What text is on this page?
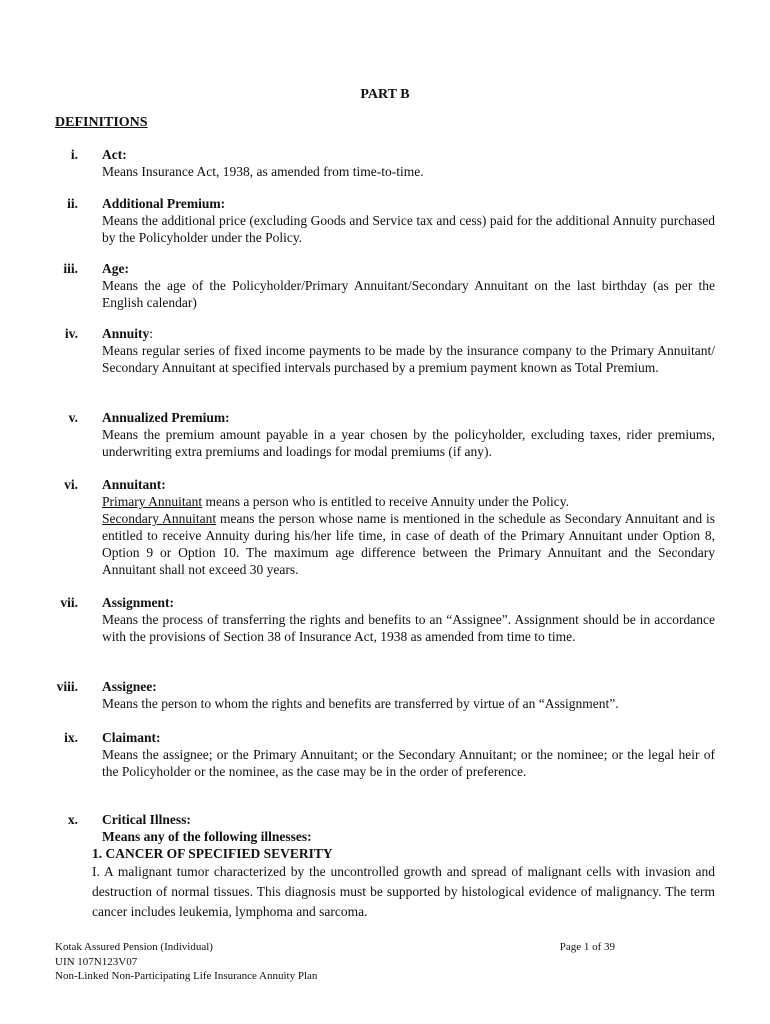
PART B
DEFINITIONS
i. Act:
Means Insurance Act, 1938, as amended from time-to-time.
ii. Additional Premium:
Means the additional price (excluding Goods and Service tax and cess) paid for the additional Annuity purchased by the Policyholder under the Policy.
iii. Age:
Means the age of the Policyholder/Primary Annuitant/Secondary Annuitant on the last birthday (as per the English calendar)
iv. Annuity:
Means regular series of fixed income payments to be made by the insurance company to the Primary Annuitant/ Secondary Annuitant at specified intervals purchased by a premium payment known as Total Premium.
v. Annualized Premium:
Means the premium amount payable in a year chosen by the policyholder, excluding taxes, rider premiums, underwriting extra premiums and loadings for modal premiums (if any).
vi. Annuitant:
Primary Annuitant means a person who is entitled to receive Annuity under the Policy.
Secondary Annuitant means the person whose name is mentioned in the schedule as Secondary Annuitant and is entitled to receive Annuity during his/her life time, in case of death of the Primary Annuitant under Option 8, Option 9 or Option 10. The maximum age difference between the Primary Annuitant and the Secondary Annuitant shall not exceed 30 years.
vii. Assignment:
Means the process of transferring the rights and benefits to an “Assignee”. Assignment should be in accordance with the provisions of Section 38 of Insurance Act, 1938 as amended from time to time.
viii. Assignee:
Means the person to whom the rights and benefits are transferred by virtue of an “Assignment”.
ix. Claimant:
Means the assignee; or the Primary Annuitant; or the Secondary Annuitant; or the nominee; or the legal heir of the Policyholder or the nominee, as the case may be in the order of preference.
x. Critical Illness:
Means any of the following illnesses:
1. CANCER OF SPECIFIED SEVERITY
I. A malignant tumor characterized by the uncontrolled growth and spread of malignant cells with invasion and destruction of normal tissues. This diagnosis must be supported by histological evidence of malignancy. The term cancer includes leukemia, lymphoma and sarcoma.
Kotak Assured Pension (Individual)
UIN 107N123V07
Non-Linked Non-Participating Life Insurance Annuity Plan
Page 1 of 39
